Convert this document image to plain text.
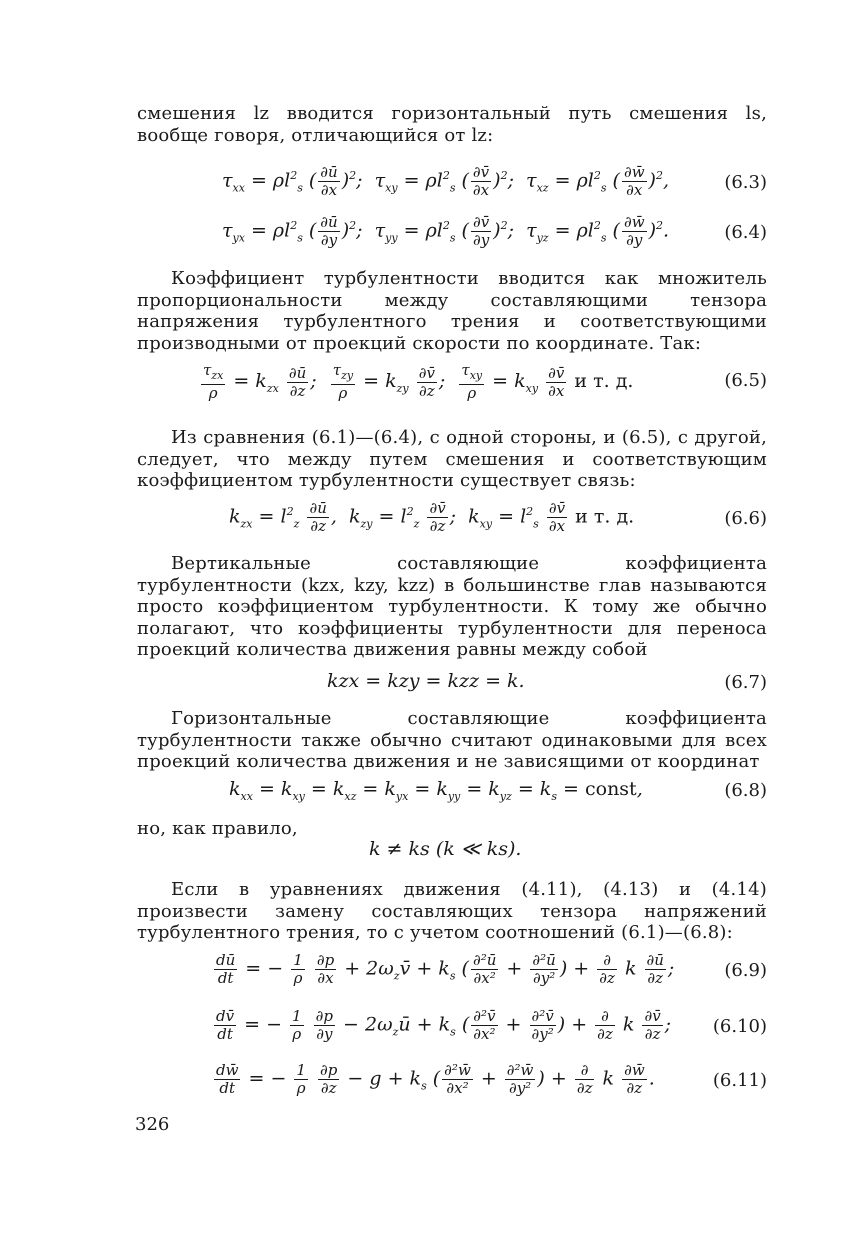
смешения lz вводится горизонтальный путь смешения ls, вообще говоря, отличающийся от lz:
$\tau_{xx} = \rho l^2_s$ ( $\frac{\partial ū}{\partial x} )^2$;  $\tau_{xy} = \rho l^2_s$ ( $\frac{\partial v̄}{\partial x} )^2$;  $\tau_{xz} = \rho l^2_s$ ( $\frac{\partial w̄}{\partial x} )^2$,	(6.3)
$\tau_{yx} = \rho l^2_s$ ( $\frac{\partial ū}{\partial y} )^2$;  $\tau_{yy} = \rho l^2_s$ ( $\frac{\partial v̄}{\partial y} )^2$;  $\tau_{yz} = \rho l^2_s$ ( $\frac{\partial w̄}{\partial y} )^2$.	(6.4)
Коэффициент турбулентности вводится как множитель пропорциональности между составляющими тензора напряжения турбулентного трения и соответствующими производными от проекций скорости по координате. Так:
$\frac{\tau_{zx}}{\rho} = k_{zx} \frac{\partial ū}{\partial z}$ ; $\frac{\tau_{zy}}{\rho} = k_{zy} \frac{\partial v̄}{\partial z}$ ; $\frac{\tau_{xy}}{\rho} = k_{xy} \frac{\partial v̄}{\partial x}$ и т. д.	(6.5)
Из сравнения (6.1)—(6.4), с одной стороны, и (6.5), с другой, следует, что между путем смешения и соответствующим коэффициентом турбулентности существует связь:
$k_{zx} = l^2_z \frac{\partial ū}{\partial z}$ ,  $k_{zy} = l^2_z \frac{\partial v̄}{\partial z}$ ;  $k_{xy} = l^2_s \frac{\partial v̄}{\partial x}$ и т. д.	(6.6)
Вертикальные составляющие коэффициента турбулентности (kzx, kzy, kzz) в большинстве глав называются просто коэффициентом турбулентности. К тому же обычно полагают, что коэффициенты турбулентности для переноса проекций количества движения равны между собой
kzx = kzy = kzz = k.	(6.7)
Горизонтальные составляющие коэффициента турбулентности также обычно считают одинаковыми для всех проекций количества движения и не зависящими от координат
$k_{xx} = k_{xy} = k_{xz} = k_{yx} = k_{yy} = k_{yz} = k_s$ = const,	(6.8)
но, как правило,
k ≠ ks (k ≪ ks).
Если в уравнениях движения (4.11), (4.13) и (4.14) произвести замену составляющих тензора напряжений турбулентного трения, то с учетом соотношений (6.1)—(6.8):
$\frac{dū}{dt}$ = − $\frac{1}{\rho}$
$\frac{\partial p}{\partial x}$ + $2\omega_zv̄ + k_s$ ( $\frac{\text{∂²ū}}{\text{∂x²}} + \frac{\text{∂²ū}}{\text{∂y²}}$ ) + $\frac{\partial}{\partial z}$ k $\frac{\partial ū}{\partial z}$ ;	(6.9)
$\frac{dv̄}{dt}$ = − $\frac{1}{\rho}$
$\frac{\partial p}{\partial y}$ − $2\omega_zū + k_s$ ( $\frac{\text{∂²v̄}}{\text{∂x²}} + \frac{\text{∂²v̄}}{\text{∂y²}}$ ) + $\frac{\partial}{\partial z}$ k $\frac{\partial v̄}{\partial z}$ ; (6.10)
$\frac{dw̄}{dt}$ = − $\frac{1}{\rho}$
$\frac{\partial p}{\partial z} - g + k_s$ ( $\frac{\text{∂²w̄}}{\text{∂x²}} + \frac{\text{∂²w̄}}{\text{∂y²}}$ ) + $\frac{\partial}{\partial z}$ k $\frac{\partial w̄}{\partial z}$ .	(6.11)
326
